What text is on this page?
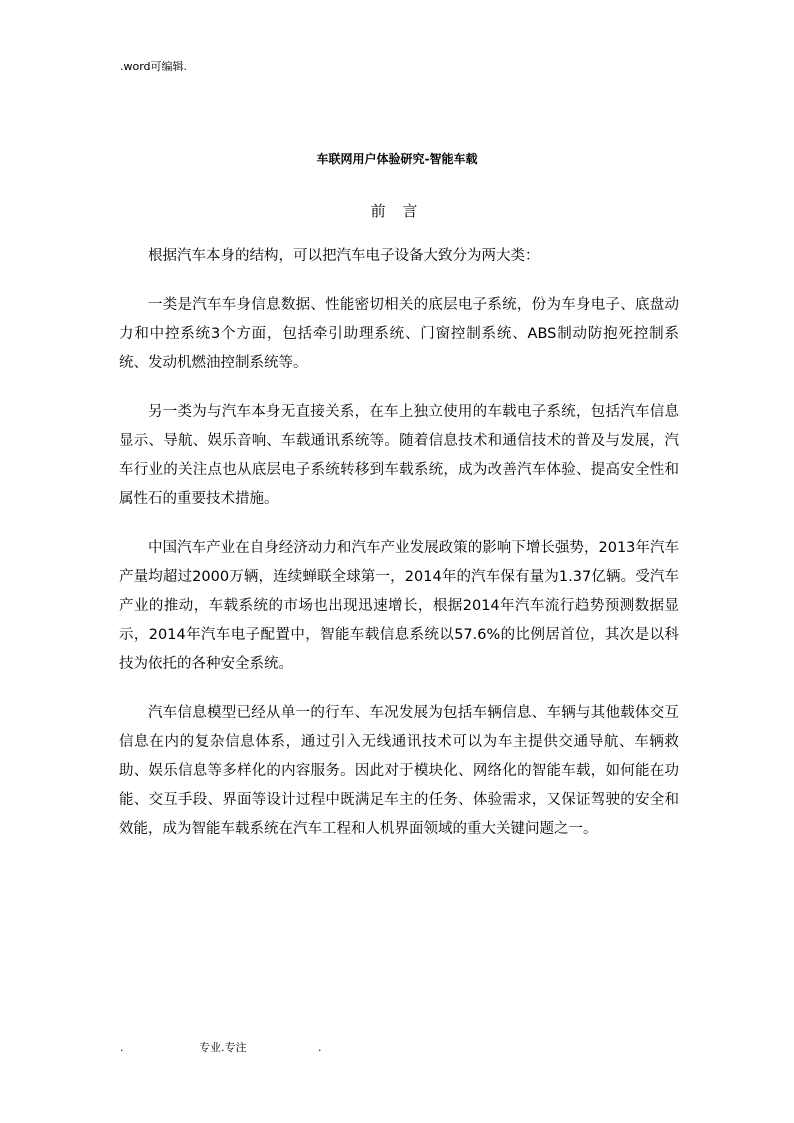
.word可编辑.
车联网用户体验研究-智能车载
前 言

根据汽车本身的结构，可以把汽车电子设备大致分为两大类：

一类是汽车车身信息数据、性能密切相关的底层电子系统，份为车身电子、底盘动力和中控系统3个方面，包括牵引助理系统、门窗控制系统、ABS制动防抱死控制系统、发动机燃油控制系统等。

另一类为与汽车本身无直接关系，在车上独立使用的车载电子系统，包括汽车信息显示、导航、娱乐音响、车载通讯系统等。随着信息技术和通信技术的普及与发展，汽车行业的关注点也从底层电子系统转移到车载系统，成为改善汽车体验、提高安全性和属性石的重要技术措施。

中国汽车产业在自身经济动力和汽车产业发展政策的影响下增长强势，2013年汽车产量均超过2000万辆，连续蝉联全球第一，2014年的汽车保有量为1.37亿辆。受汽车产业的推动，车载系统的市场也出现迅速增长，根据2014年汽车流行趋势预测数据显示，2014年汽车电子配置中，智能车载信息系统以57.6%的比例居首位，其次是以科技为依托的各种安全系统。

汽车信息模型已经从单一的行车、车况发展为包括车辆信息、车辆与其他载体交互信息在内的复杂信息体系，通过引入无线通讯技术可以为车主提供交通导航、车辆救助、娱乐信息等多样化的内容服务。因此对于模块化、网络化的智能车载，如何能在功能、交互手段、界面等设计过程中既满足车主的任务、体验需求，又保证驾驶的安全和效能，成为智能车载系统在汽车工程和人机界面领域的重大关键问题之一。

.	专业.专注	.
